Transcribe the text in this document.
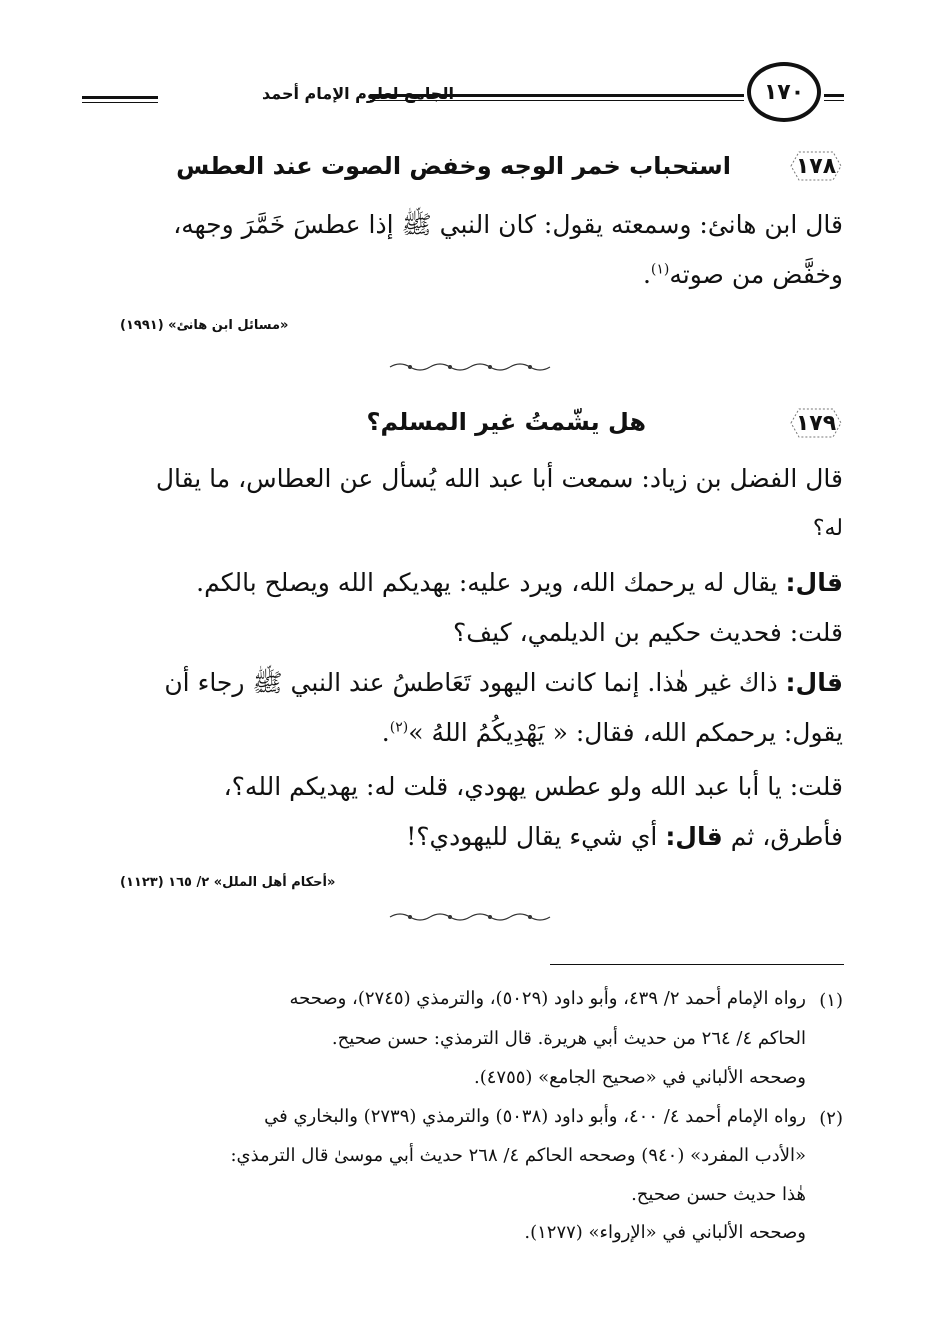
الجامع لعلوم الإمام أحمد	١٧٠
١٧٨
استحباب خمر الوجه وخفض الصوت عند العطس
قال ابن هانئ: وسمعته يقول: كان النبي ﷺ إذا عطسَ خَمَّرَ وجهه،
وخفَّض من صوته$^{(١)}$.
«مسائل ابن هانئ» (١٩٩١)
١٧٩
هل يشّمتُ غير المسلم؟
قال الفضل بن زياد: سمعت أبا عبد الله يُسأل عن العطاس، ما يقال
له؟
قال: يقال له يرحمك الله، ويرد عليه: يهديكم الله ويصلح بالكم.
قلت: فحديث حكيم بن الديلمي، كيف؟
قال: ذاك غير هٰذا. إنما كانت اليهود تَعَاطسُ عند النبي ﷺ رجاء أن
يقول: يرحمكم الله، فقال: « يَهْدِيكُمُ اللهُ »$^{(٢)}$.
قلت: يا أبا عبد الله ولو عطس يهودي، قلت له: يهديكم الله؟،
فأطرق، ثم قال: أي شيء يقال لليهودي؟!
«أحكام أهل الملل» ٢/ ١٦٥ (١١٢٣)
(١)
رواه الإمام أحمد ٢/ ٤٣٩، وأبو داود (٥٠٢٩)، والترمذي (٢٧٤٥)، وصححه
الحاكم ٤/ ٢٦٤ من حديث أبي هريرة. قال الترمذي: حسن صحيح.
وصححه الألباني في «صحيح الجامع» (٤٧٥٥).
(٢)
رواه الإمام أحمد ٤/ ٤٠٠، وأبو داود (٥٠٣٨) والترمذي (٢٧٣٩) والبخاري في
«الأدب المفرد» (٩٤٠) وصححه الحاكم ٤/ ٢٦٨ حديث أبي موسىٰ قال الترمذي:
هٰذا حديث حسن صحيح.
وصححه الألباني في «الإرواء» (١٢٧٧).
